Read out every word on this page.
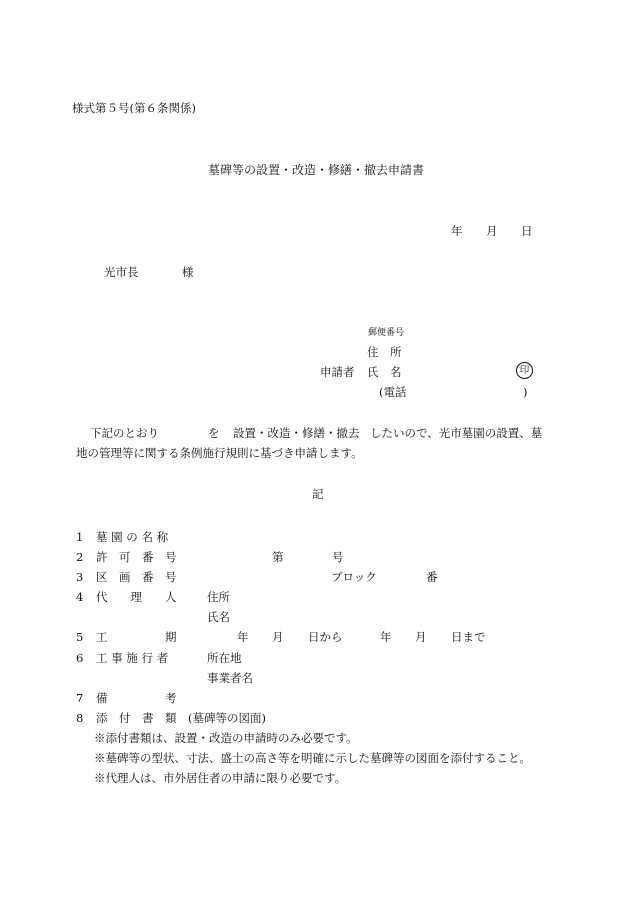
様式第５号(第６条関係)
墓碑等の設置・改造・修繕・撤去申請書
年 月 日
光市長	様
郵便番号
住　所
申請者 氏　名	印
(電話	)
下記のとおり	を 設置・改造・修繕・撤去 したいので、光市墓園の設置、墓
地の管理等に関する条例施行規則に基づき申請します。
記
1 墓 園 の 名 称
2 許　可　番　号	第	号
3 区　画　番　号	ブロック	番
4 代　　理　　人	住所
氏名
5 工　　　　　期	年 月 日から	年 月 日まで
6 工 事 施 行 者	所在地
事業者名
7 備　　　　　考
8 添　付　書　類 (墓碑等の図面)
※添付書類は、設置・改造の申請時のみ必要です。
※墓碑等の型状、寸法、盛土の高さ等を明確に示した墓碑等の図面を添付すること。
※代理人は、市外居住者の申請に限り必要です。
